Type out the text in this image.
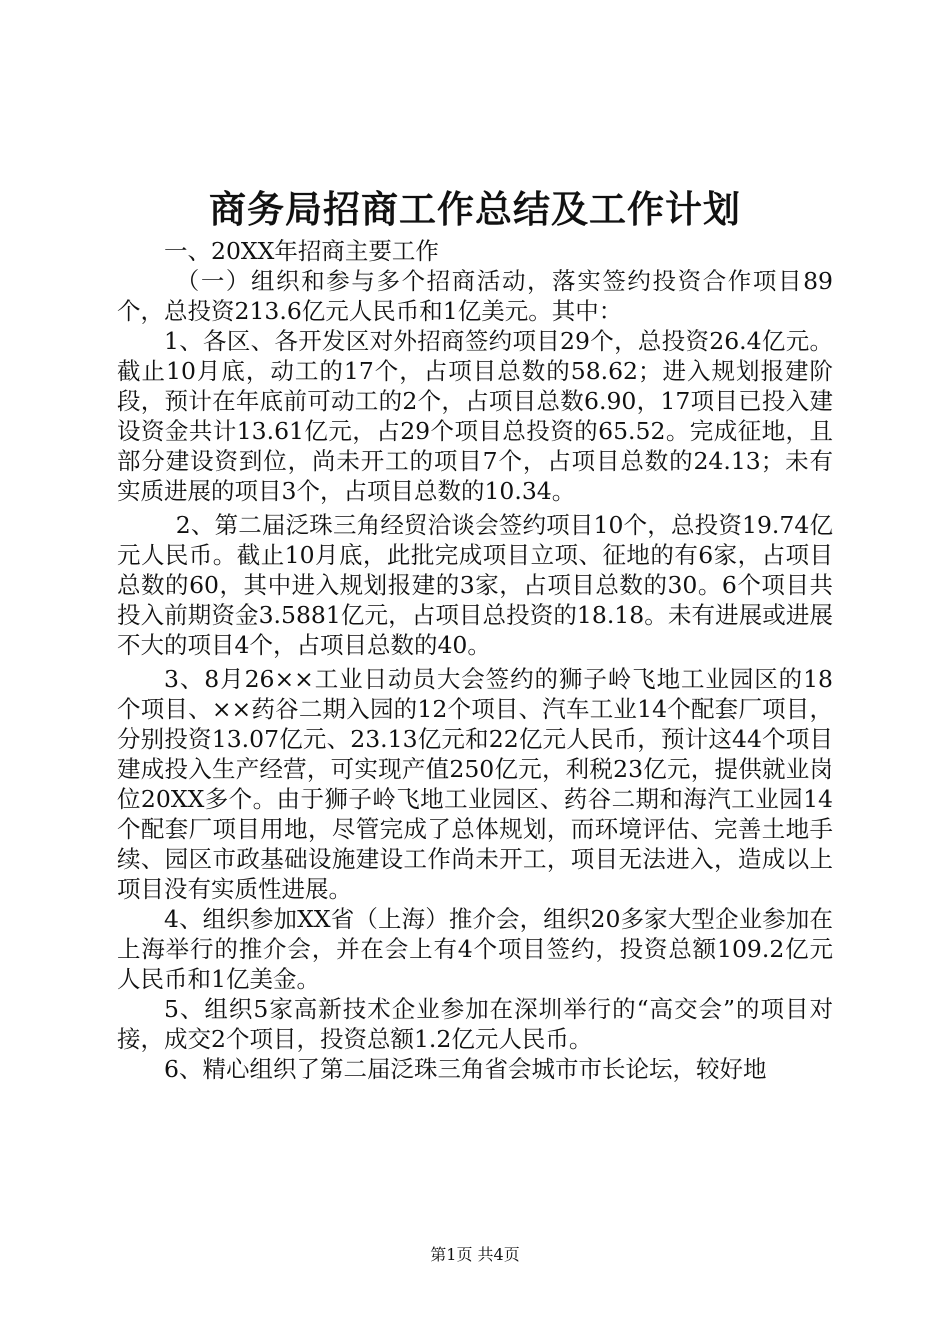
商务局招商工作总结及工作计划

一、20XX年招商主要工作

（一）组织和参与多个招商活动，落实签约投资合作项目89个，总投资213.6亿元人民币和1亿美元。其中：

1、各区、各开发区对外招商签约项目29个，总投资26.4亿元。截止10月底，动工的17个，占项目总数的58.62；进入规划报建阶段，预计在年底前可动工的2个，占项目总数6.90，17项目已投入建设资金共计13.61亿元，占29个项目总投资的65.52。完成征地，且部分建设资到位，尚未开工的项目7个，占项目总数的24.13；未有实质进展的项目3个，占项目总数的10.34。

2、第二届泛珠三角经贸洽谈会签约项目10个，总投资19.74亿元人民币。截止10月底，此批完成项目立项、征地的有6家，占项目总数的60，其中进入规划报建的3家，占项目总数的30。6个项目共投入前期资金3.5881亿元，占项目总投资的18.18。未有进展或进展不大的项目4个，占项目总数的40。

3、8月26××工业日动员大会签约的狮子岭飞地工业园区的18个项目、××药谷二期入园的12个项目、汽车工业14个配套厂项目，分别投资13.07亿元、23.13亿元和22亿元人民币，预计这44个项目建成投入生产经营，可实现产值250亿元，利税23亿元，提供就业岗位20XX多个。由于狮子岭飞地工业园区、药谷二期和海汽工业园14个配套厂项目用地，尽管完成了总体规划，而环境评估、完善土地手续、园区市政基础设施建设工作尚未开工，项目无法进入，造成以上项目没有实质性进展。

4、组织参加XX省（上海）推介会，组织20多家大型企业参加在上海举行的推介会，并在会上有4个项目签约，投资总额109.2亿元人民币和1亿美金。

5、组织5家高新技术企业参加在深圳举行的“高交会”的项目对接，成交2个项目，投资总额1.2亿元人民币。

6、精心组织了第二届泛珠三角省会城市市长论坛，较好地

第1页 共4页
